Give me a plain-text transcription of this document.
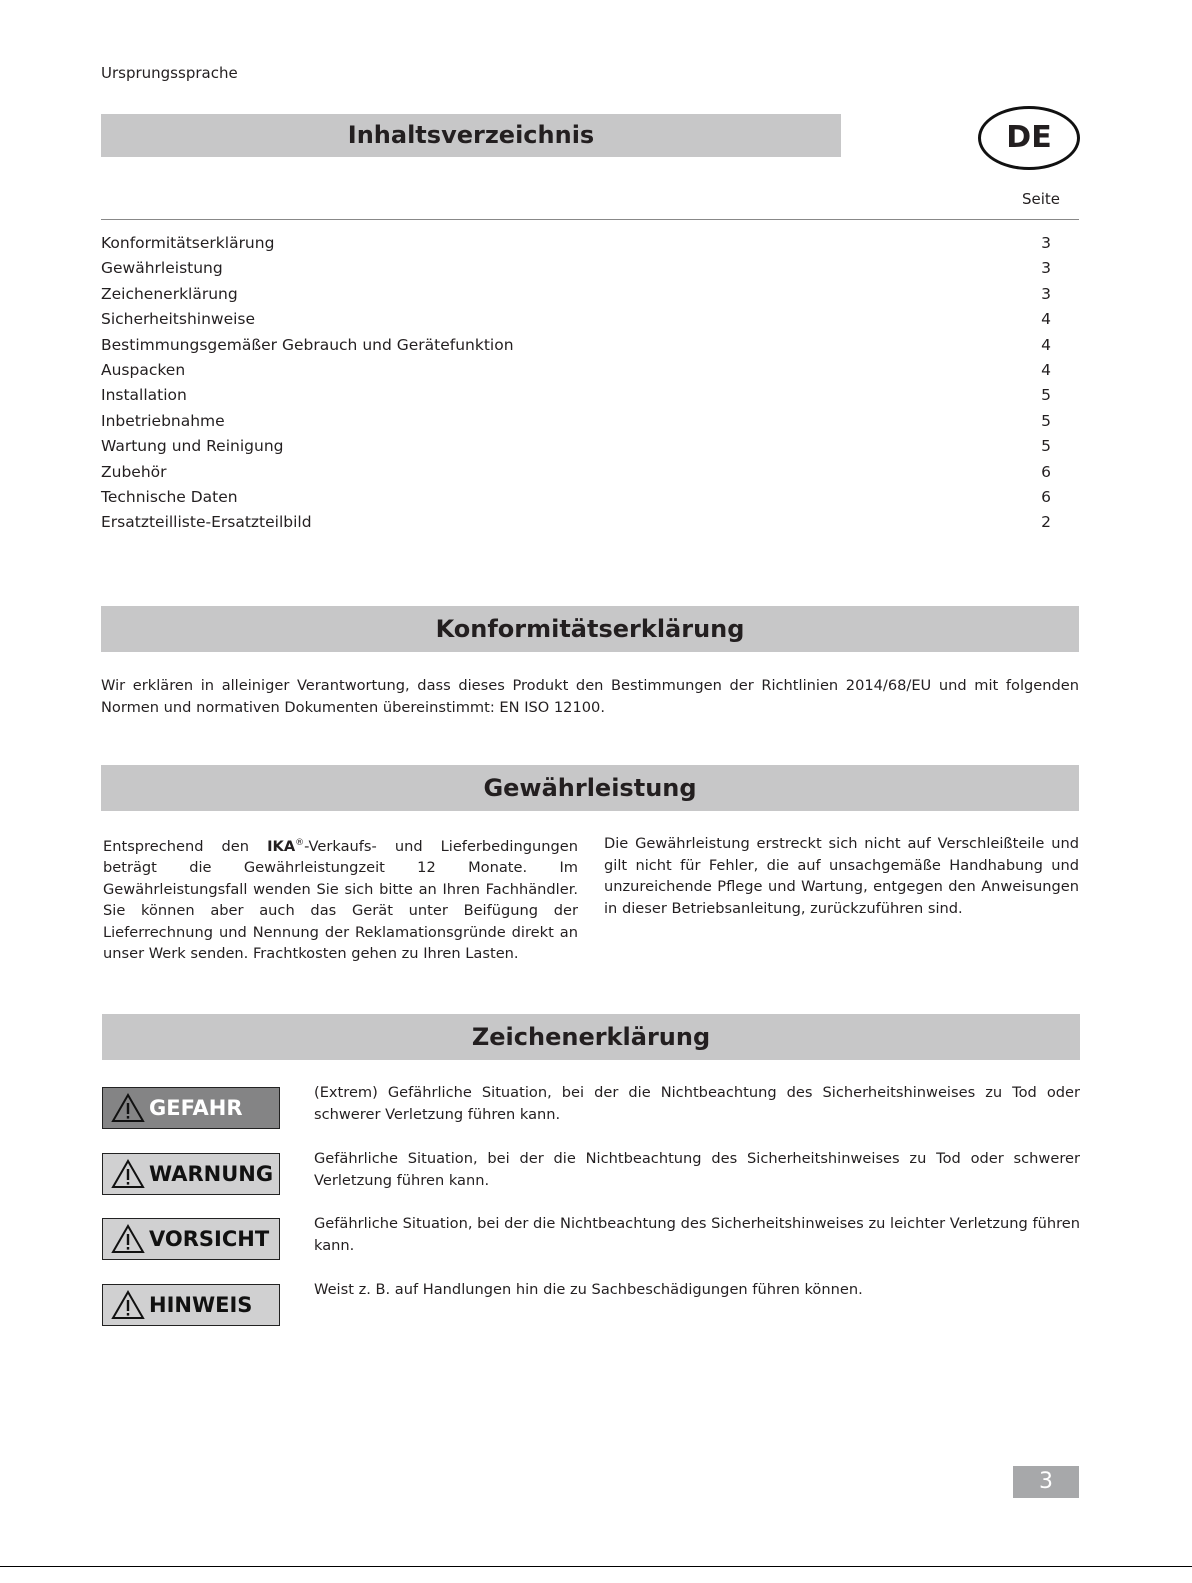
Ursprungssprache
Inhaltsverzeichnis	DE
Seite
Konformitätserklärung	3
Gewährleistung	3
Zeichenerklärung	3
Sicherheitshinweise	4
Bestimmungsgemäßer Gebrauch und Gerätefunktion	4
Auspacken	4
Installation	5
Inbetriebnahme	5
Wartung und Reinigung	5
Zubehör	6
Technische Daten	6
Ersatzteilliste-Ersatzteilbild	2
Konformitätserklärung

Wir erklären in alleiniger Verantwortung, dass dieses Produkt den Bestimmungen der Richtlinien 2014/68/EU und mit folgenden Normen und normativen Dokumenten übereinstimmt: EN ISO 12100.

Gewährleistung

Entsprechend den IKA®-Verkaufs- und Lieferbedingungen beträgt die Gewährleistungzeit 12 Monate. Im Gewährleistungsfall wenden Sie sich bitte an Ihren Fachhändler. Sie können aber auch das Gerät unter Beifügung der Lieferrechnung und Nennung der Reklamationsgründe direkt an unser Werk senden. Frachtkosten gehen zu Ihren Lasten.

Die Gewährleistung erstreckt sich nicht auf Verschleißteile und gilt nicht für Fehler, die auf unsachgemäße Handhabung und unzureichende Pflege und Wartung, entgegen den Anweisungen in dieser Betriebsanleitung, zurückzuführen sind.

Zeichenerklärung
GEFAHR

(Extrem) Gefährliche Situation, bei der die Nichtbeachtung des Sicherheitshinweises zu Tod oder schwerer Verletzung führen kann.

WARNUNG

Gefährliche Situation, bei der die Nichtbeachtung des Sicherheitshinweises zu Tod oder schwerer Verletzung führen kann.

VORSICHT

Gefährliche Situation, bei der die Nichtbeachtung des Sicherheitshinweises zu leichter Verletzung führen kann.

HINWEIS

Weist z. B. auf Handlungen hin die zu Sachbeschädigungen führen können.

3
